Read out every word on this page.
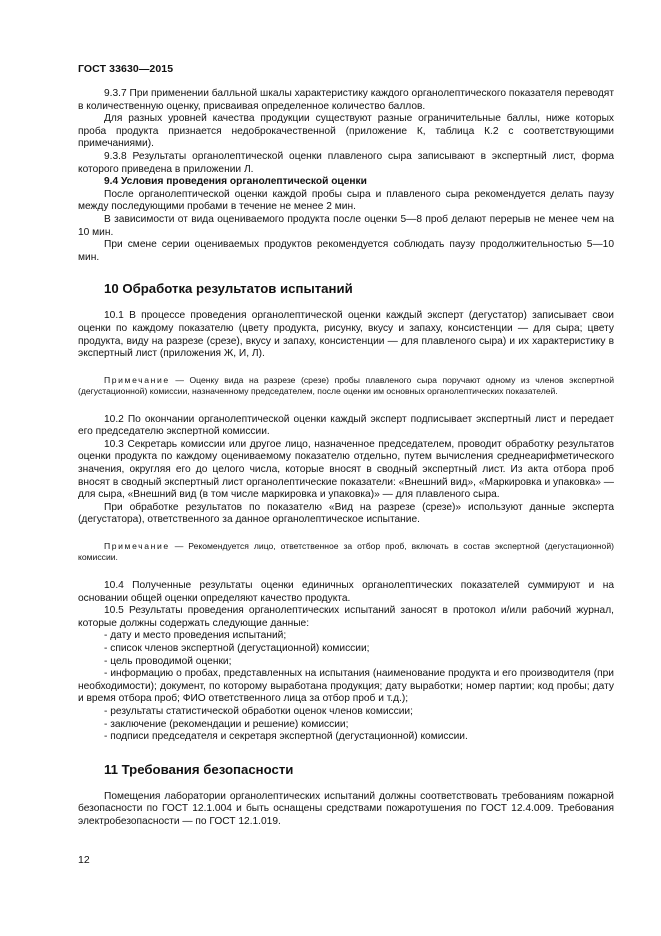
ГОСТ 33630—2015

9.3.7 При применении балльной шкалы характеристику каждого органолептического показателя переводят в количественную оценку, присваивая определенное количество баллов.

Для разных уровней качества продукции существуют разные ограничительные баллы, ниже которых проба продукта признается недоброкачественной (приложение К, таблица К.2 с соответствующими примечаниями).

9.3.8 Результаты органолептической оценки плавленого сыра записывают в экспертный лист, форма которого приведена в приложении Л.

9.4 Условия проведения органолептической оценки

После органолептической оценки каждой пробы сыра и плавленого сыра рекомендуется делать паузу между последующими пробами в течение не менее 2 мин.

В зависимости от вида оцениваемого продукта после оценки 5—8 проб делают перерыв не менее чем на 10 мин.

При смене серии оцениваемых продуктов рекомендуется соблюдать паузу продолжительностью 5—10 мин.

10 Обработка результатов испытаний

10.1 В процессе проведения органолептической оценки каждый эксперт (дегустатор) записывает свои оценки по каждому показателю (цвету продукта, рисунку, вкусу и запаху, консистенции — для сыра; цвету продукта, виду на разрезе (срезе), вкусу и запаху, консистенции — для плавленого сыра) и их характеристику в экспертный лист (приложения Ж, И, Л).

Примечание — Оценку вида на разрезе (срезе) пробы плавленого сыра поручают одному из членов экспертной (дегустационной) комиссии, назначенному председателем, после оценки им основных органолептических показателей.

10.2 По окончании органолептической оценки каждый эксперт подписывает экспертный лист и передает его председателю экспертной комиссии.

10.3 Секретарь комиссии или другое лицо, назначенное председателем, проводит обработку результатов оценки продукта по каждому оцениваемому показателю отдельно, путем вычисления среднеарифметического значения, округляя его до целого числа, которые вносят в сводный экспертный лист. Из акта отбора проб вносят в сводный экспертный лист органолептические показатели: «Внешний вид», «Маркировка и упаковка» — для сыра, «Внешний вид (в том числе маркировка и упаковка)» — для плавленого сыра.

При обработке результатов по показателю «Вид на разрезе (срезе)» используют данные эксперта (дегустатора), ответственного за данное органолептическое испытание.

Примечание — Рекомендуется лицо, ответственное за отбор проб, включать в состав экспертной (дегустационной) комиссии.

10.4 Полученные результаты оценки единичных органолептических показателей суммируют и на основании общей оценки определяют качество продукта.

10.5 Результаты проведения органолептических испытаний заносят в протокол и/или рабочий журнал, которые должны содержать следующие данные:

- дату и место проведения испытаний;

- список членов экспертной (дегустационной) комиссии;

- цель проводимой оценки;

- информацию о пробах, представленных на испытания (наименование продукта и его производителя (при необходимости); документ, по которому выработана продукция; дату выработки; номер партии; код пробы; дату и время отбора проб; ФИО ответственного лица за отбор проб и т.д.);

- результаты статистической обработки оценок членов комиссии;

- заключение (рекомендации и решение) комиссии;

- подписи председателя и секретаря экспертной (дегустационной) комиссии.

11 Требования безопасности

Помещения лаборатории органолептических испытаний должны соответствовать требованиям пожарной безопасности по ГОСТ 12.1.004 и быть оснащены средствами пожаротушения по ГОСТ 12.4.009. Требования электробезопасности — по ГОСТ 12.1.019.

12
